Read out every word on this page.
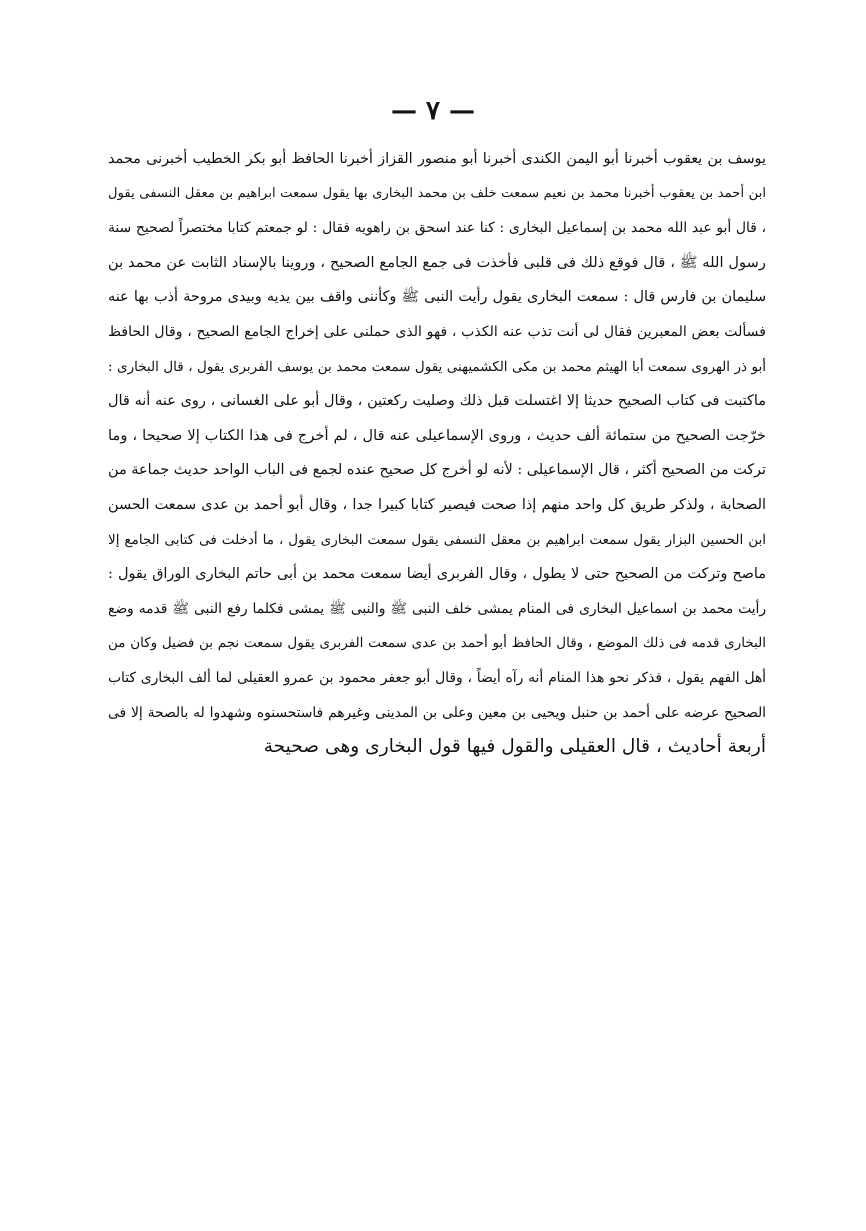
— ٧ —
يوسف بن يعقوب أخبرنا أبو اليمن الكندى أخبرنا أبو منصور القزاز أخبرنا الحافظ أبو بكر الخطيب أخبرنى محمد
ابن أحمد بن يعقوب أخبرنا محمد بن نعيم سمعت خلف بن محمد البخارى بها يقول سمعت ابراهيم بن معقل النسفى يقول
، قال أبو عبد الله محمد بن إسماعيل البخارى : كنا عند اسحق بن راهويه فقال : لو جمعتم كتابا مختصراً لصحيح سنة
رسول الله ﷺ ، قال فوقع ذلك فى قلبى فأخذت فى جمع الجامع الصحيح ، وروينا بالإسناد الثابت عن محمد بن
سليمان بن فارس قال : سمعت البخارى يقول رأيت النبى ﷺ وكأننى واقف بين يديه وبيدى مروحة أذب بها عنه
فسألت بعض المعبرين فقال لى أنت تذب عنه الكذب ، فهو الذى حملنى على إخراج الجامع الصحيح ، وقال الحافظ
أبو ذر الهروى سمعت أبا الهيثم محمد بن مكى الكشميهنى يقول سمعت محمد بن يوسف الفربرى يقول ، قال البخارى :
ماكتبت فى كتاب الصحيح حديثا إلا اغتسلت قبل ذلك وصليت ركعتين ، وقال أبو على الغسانى ، روى عنه أنه قال
خرّجت الصحيح من ستمائة ألف حديث ، وروى الإسماعيلى عنه قال ، لم أخرج فى هذا الكتاب إلا صحيحا ، وما
تركت من الصحيح أكثر ، قال الإسماعيلى : لأنه لو أخرج كل صحيح عنده لجمع فى الباب الواحد حديث جماعة من
الصحابة ، ولذكر طريق كل واحد منهم إذا صحت فيصير كتابا كبيرا جدا ، وقال أبو أحمد بن عدى سمعت الحسن
ابن الحسين البزار يقول سمعت ابراهيم بن معقل النسفى يقول سمعت البخارى يقول ، ما أدخلت فى كتابى الجامع إلا
ماصح وتركت من الصحيح حتى لا يطول ، وقال الفربرى أيضا سمعت محمد بن أبى حاتم البخارى الوراق يقول :
رأيت محمد بن اسماعيل البخارى فى المنام يمشى خلف النبى ﷺ والنبى ﷺ يمشى فكلما رفع النبى ﷺ قدمه وضع
البخارى قدمه فى ذلك الموضع ، وقال الحافظ أبو أحمد بن عدى سمعت الفربرى يقول سمعت نجم بن فضيل وكان من
أهل الفهم يقول ، فذكر نحو هذا المنام أنه رآه أيضاً ، وقال أبو جعفر محمود بن عمرو العقيلى لما ألف البخارى كتاب
الصحيح عرضه على أحمد بن حنبل ويحيى بن معين وعلى بن المدينى وغيرهم فاستحسنوه وشهدوا له بالصحة إلا فى
أربعة أحاديث ، قال العقيلى والقول فيها قول البخارى وهى صحيحة
